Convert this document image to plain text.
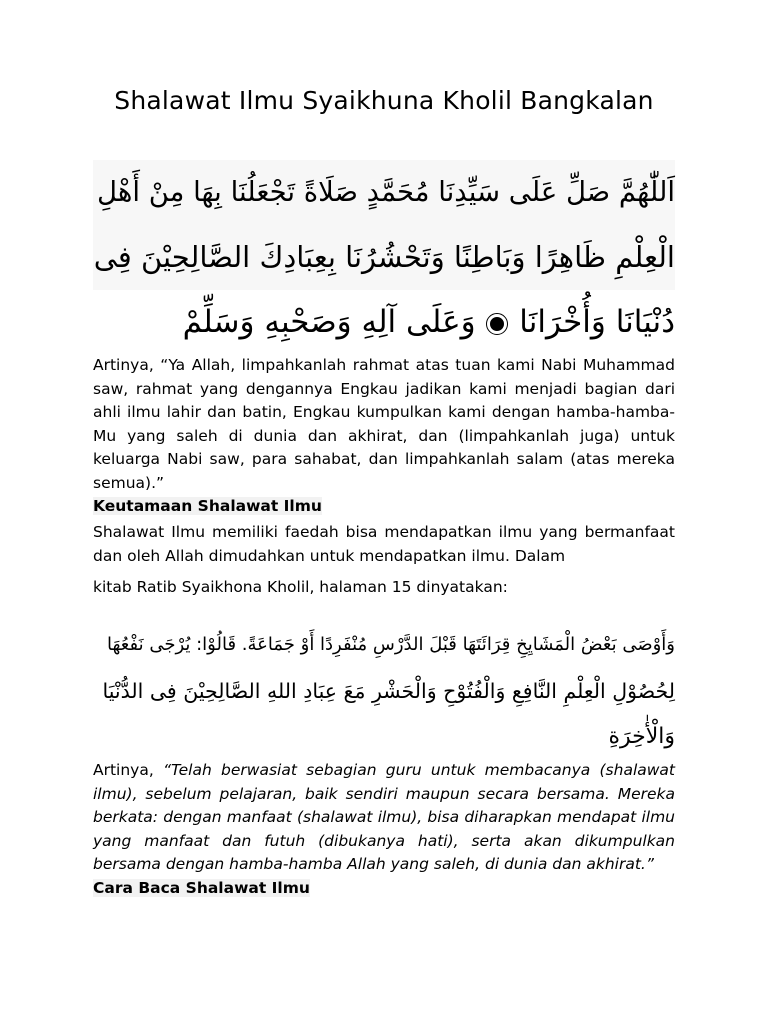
Shalawat Ilmu Syaikhuna Kholil Bangkalan
اَللّٰهُمَّ صَلِّ عَلَى سَيِّدِنَا مُحَمَّدٍ صَلَاةً تَجْعَلُنَا بِهَا مِنْ أَهْلِ
الْعِلْمِ ظَاهِرًا وَبَاطِنًا وَتَحْشُرُنَا بِعِبَادِكَ الصَّالِحِيْنَ فِى
دُنْيَانَا وَأُخْرَانَا  وَعَلَى آلِهِ وَصَحْبِهِ وَسَلِّمْ
Artinya, “Ya Allah, limpahkanlah rahmat atas tuan kami Nabi Muhammad saw, rahmat yang dengannya Engkau jadikan kami menjadi bagian dari ahli ilmu lahir dan batin, Engkau kumpulkan kami dengan hamba-hamba-Mu yang saleh di dunia dan akhirat, dan (limpahkanlah juga) untuk keluarga Nabi saw, para sahabat, dan limpahkanlah salam (atas mereka semua).”
Keutamaan Shalawat Ilmu
Shalawat Ilmu memiliki faedah bisa mendapatkan ilmu yang bermanfaat dan oleh Allah dimudahkan untuk mendapatkan ilmu. Dalam
kitab Ratib Syaikhona Kholil, halaman 15 dinyatakan:
وَأَوْصَى بَعْضُ الْمَشَايِخِ قِرَائَتَهَا قَبْلَ الدَّرْسِ مُنْفَرِدًا أَوْ جَمَاعَةً. قَالُوْا: يُرْجَى نَفْعُهَا
لِحُصُوْلِ الْعِلْمِ النَّافِعِ وَالْفُتُوْحِ وَالْحَشْرِ مَعَ عِبَادِ اللهِ الصَّالِحِيْنَ فِى الدُّنْيَا
وَالْأٰخِرَةِ
Artinya, “Telah berwasiat sebagian guru untuk membacanya (shalawat ilmu), sebelum pelajaran, baik sendiri maupun secara bersama. Mereka berkata: dengan manfaat (shalawat ilmu), bisa diharapkan mendapat ilmu yang manfaat dan futuh (dibukanya hati), serta akan dikumpulkan bersama dengan hamba-hamba Allah yang saleh, di dunia dan akhirat.”
Cara Baca Shalawat Ilmu
